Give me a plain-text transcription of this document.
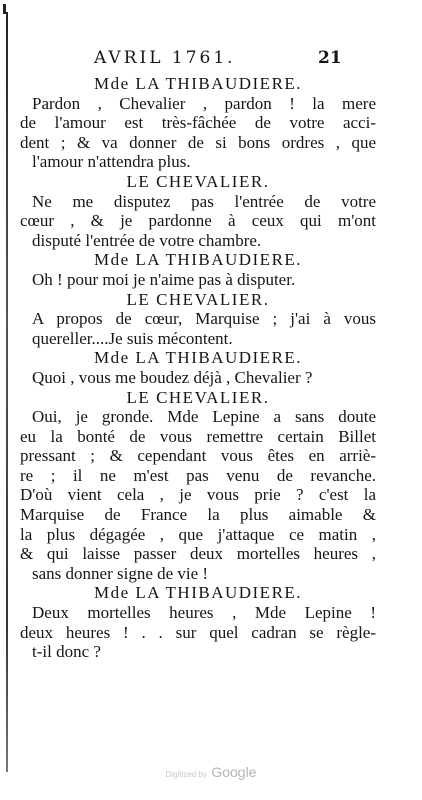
AVRIL 1761.	21
Mde LA THIBAUDIERE.
Pardon , Chevalier , pardon ! la mere
de l'amour est très-fâchée de votre acci-
dent ; & va donner de si bons ordres , que
l'amour n'attendra plus.
LE CHEVALIER.
Ne me disputez pas l'entrée de votre
cœur , & je pardonne à ceux qui m'ont
disputé l'entrée de votre chambre.
Mde LA THIBAUDIERE.
Oh ! pour moi je n'aime pas à disputer.
LE CHEVALIER.
A propos de cœur, Marquise ; j'ai à vous
quereller....Je suis mécontent.
Mde LA THIBAUDIERE.
Quoi , vous me boudez déjà , Chevalier ?
LE CHEVALIER.
Oui, je gronde. Mde Lepine a sans doute
eu la bonté de vous remettre certain Billet
pressant ; & cependant vous êtes en arriè-
re ; il ne m'est pas venu de revanche.
D'où vient cela , je vous prie ? c'est la
Marquise de France la plus aimable &
la plus dégagée , que j'attaque ce matin ,
& qui laisse passer deux mortelles heures ,
sans donner signe de vie !
Mde LA THIBAUDIERE.
Deux mortelles heures , Mde Lepine !
deux heures ! . . sur quel cadran se règle-
t-il donc ?
Digitized by Google
